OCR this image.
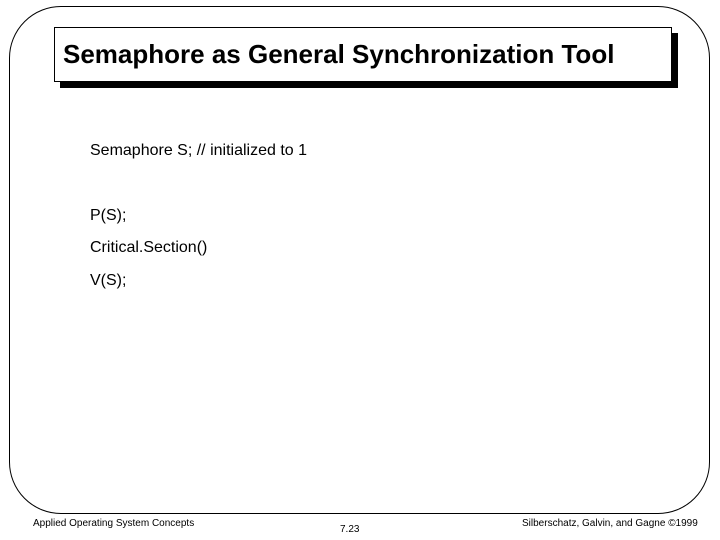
Semaphore as General Synchronization Tool
Semaphore S; // initialized to 1
P(S);
Critical.Section()
V(S);
Applied Operating System Concepts
7.23
Silberschatz, Galvin, and Gagne ©1999
